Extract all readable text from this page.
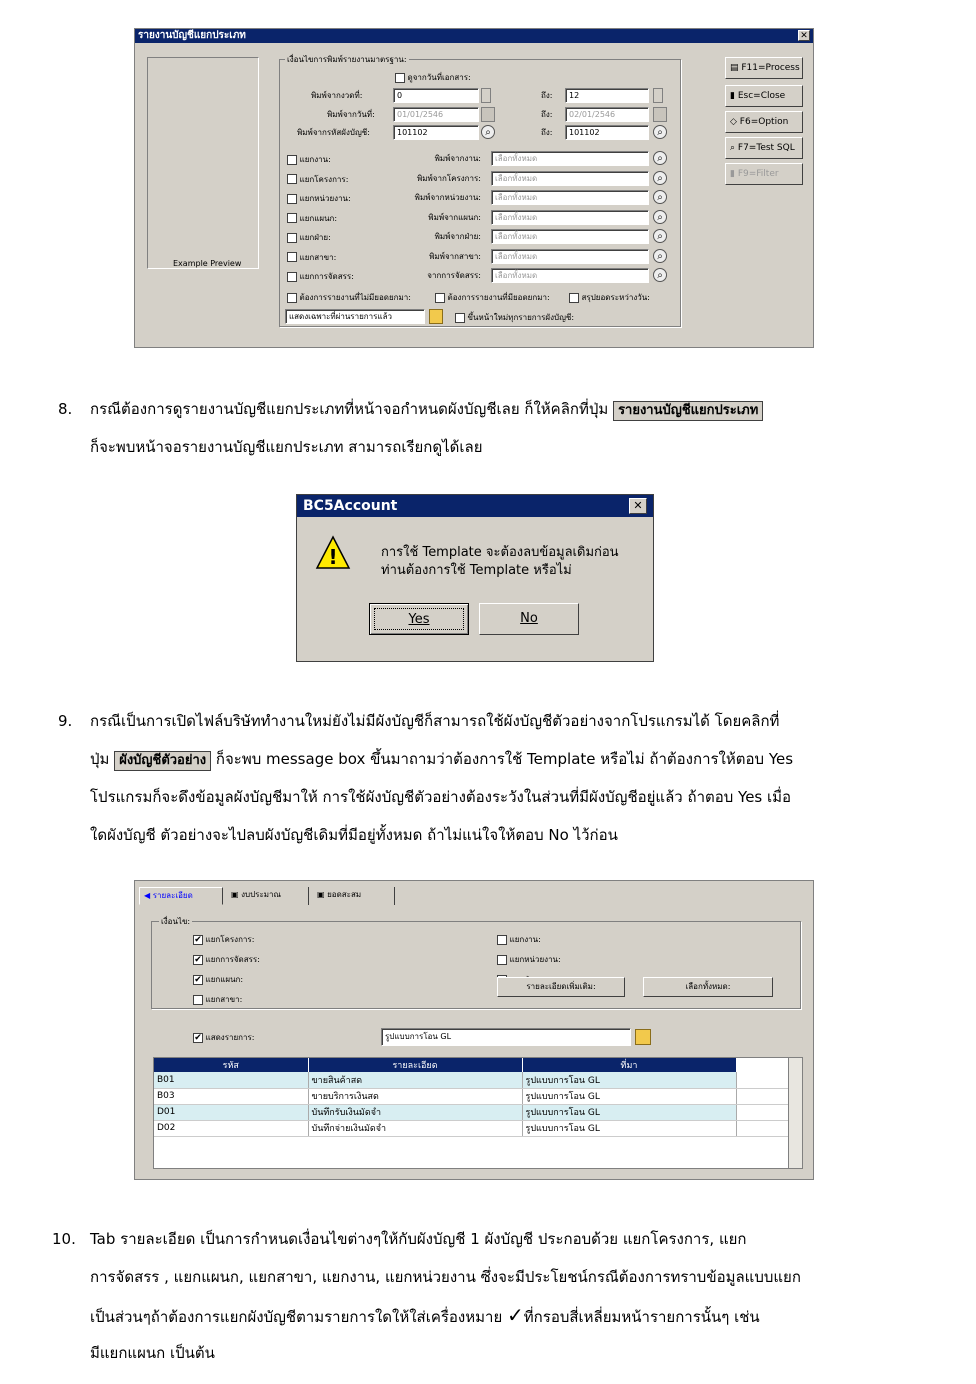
รายงานบัญชีแยกประเภท	✕
Example Preview
เงื่อนไขการพิมพ์รายงานมาตรฐาน:
ดูจากวันที่เอกสาร:
พิมพ์จากงวดที่:	0	ถึง:	12
พิมพ์จากวันที่:	01/01/2546	ถึง:	02/01/2546
พิมพ์จากรหัสผังบัญชี:	101102	⌕	ถึง:	101102	⌕
แยกงาน:	พิมพ์จากงาน:	เลือกทั้งหมด	⌕
แยกโครงการ:	พิมพ์จากโครงการ:	เลือกทั้งหมด	⌕
แยกหน่วยงาน:	พิมพ์จากหน่วยงาน:	เลือกทั้งหมด	⌕
แยกแผนก:	พิมพ์จากแผนก:	เลือกทั้งหมด	⌕
แยกฝ่าย:	พิมพ์จากฝ่าย:	เลือกทั้งหมด	⌕
แยกสาขา:	พิมพ์จากสาขา:	เลือกทั้งหมด	⌕
แยกการจัดสรร:	จากการจัดสรร:	เลือกทั้งหมด	⌕
ต้องการรายงานที่ไม่มียอดยกมา:	ต้องการรายงานที่มียอดยกมา:	สรุปยอดระหว่างวัน:
แสดงเฉพาะที่ผ่านรายการแล้ว	ขึ้นหน้าใหม่ทุกรายการผังบัญชี:
▤ F11=Process
▮ Esc=Close
◇ F6=Option
⌕ F7=Test SQL
▮ F9=Filter
8. กรณีต้องการดูรายงานบัญชีแยกประเภทที่หน้าจอกำหนดผังบัญชีเลย ก็ให้คลิกที่ปุ่ม รายงานบัญชีแยกประเภท
ก็จะพบหน้าจอรายงานบัญชีแยกประเภท สามารถเรียกดูได้เลย
BC5Account	✕
!	การใช้ Template จะต้องลบข้อมูลเดิมก่อน
ท่านต้องการใช้ Template หรือไม่
Yes	No
9. กรณีเป็นการเปิดไฟล์บริษัททำงานใหม่ยังไม่มีผังบัญชีก็สามารถใช้ผังบัญชีตัวอย่างจากโปรแกรมได้ โดยคลิกที่
ปุ่ม ผังบัญชีตัวอย่าง ก็จะพบ message box ขึ้นมาถามว่าต้องการใช้ Template หรือไม่ ถ้าต้องการให้ตอบ Yes
โปรแกรมก็จะดึงข้อมูลผังบัญชีมาให้ การใช้ผังบัญชีตัวอย่างต้องระวังในส่วนที่มีผังบัญชีอยู่แล้ว ถ้าตอบ Yes เมื่อ
ใดผังบัญชี ตัวอย่างจะไปลบผังบัญชีเดิมที่มีอยู่ทั้งหมด ถ้าไม่แน่ใจให้ตอบ No ไว้ก่อน
◀ รายละเอียด	▣ งบประมาณ	▣ ยอดสะสม
เงื่อนไข:
✔ แยกโครงการ:
✔ แยกการจัดสรร:
✔ แยกแผนก:
แยกสาขา:
แยกงาน:
แยกหน่วยงาน:
รายละเอียดเพิ่มเติม:	เลือกทั้งหมด:
✔ แสดงรายการ:	รูปแบบการโอน GL
รหัส	รายละเอียด	ที่มา	
B01	ขายสินค้าสด	รูปแบบการโอน GL	
B03	ขายบริการเงินสด	รูปแบบการโอน GL	
D01	บันทึกรับเงินมัดจำ	รูปแบบการโอน GL	
D02	บันทึกจ่ายเงินมัดจำ	รูปแบบการโอน GL	
10. Tab รายละเอียด เป็นการกำหนดเงื่อนไขต่างๆให้กับผังบัญชี 1 ผังบัญชี ประกอบด้วย แยกโครงการ, แยก
การจัดสรร , แยกแผนก, แยกสาขา, แยกงาน, แยกหน่วยงาน ซึ่งจะมีประโยชน์กรณีต้องการทราบข้อมูลแบบแยก
เป็นส่วนๆถ้าต้องการแยกผังบัญชีตามรายการใดให้ใส่เครื่องหมาย ✓ที่กรอบสี่เหลี่ยมหน้ารายการนั้นๆ เช่น
มีแยกแผนก เป็นต้น
